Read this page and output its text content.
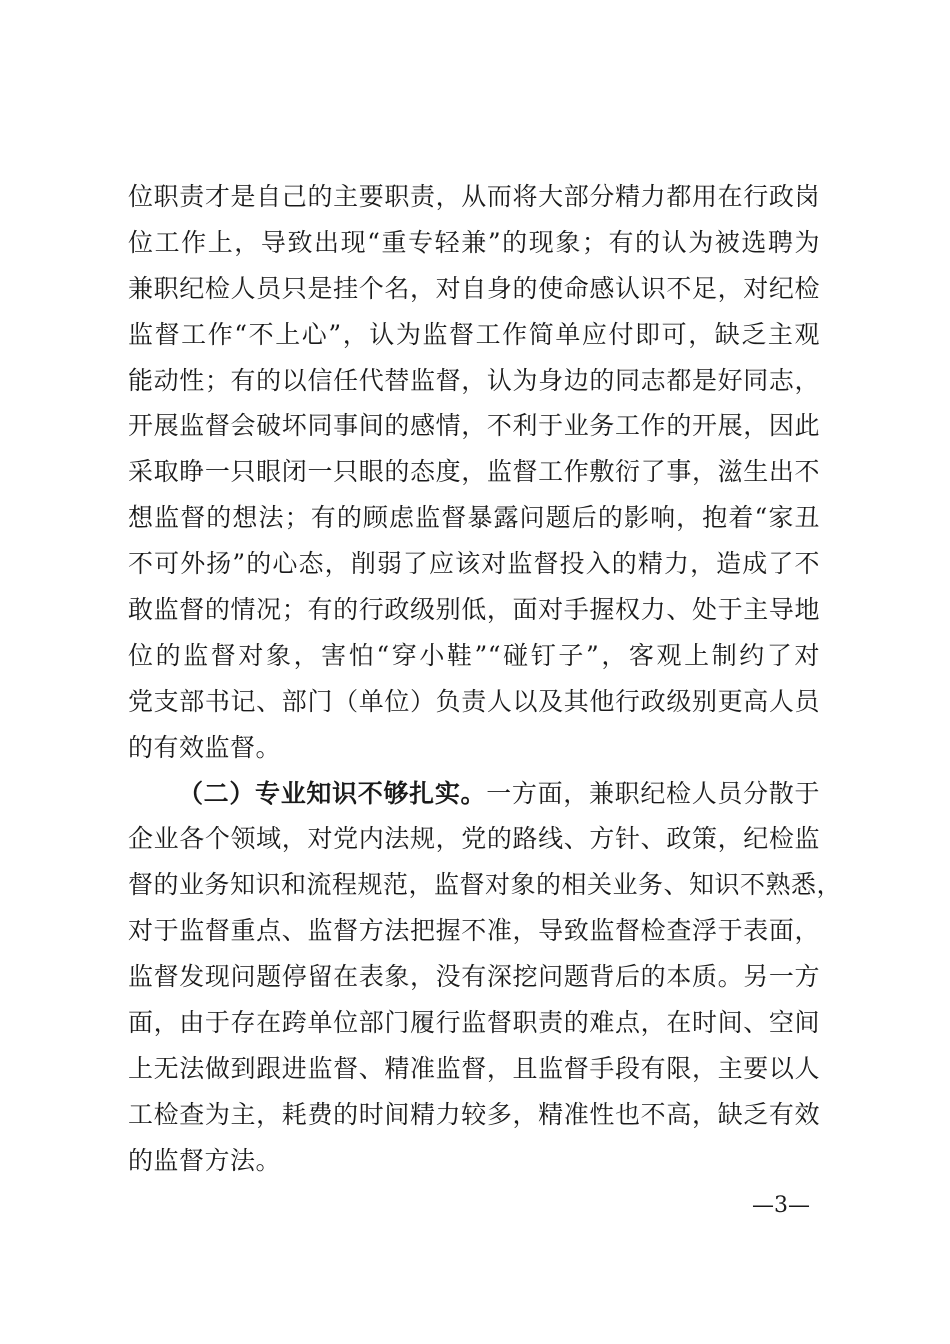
位职责才是自己的主要职责，从而将大部分精力都用在行政岗
位工作上，导致出现“重专轻兼”的现象；有的认为被选聘为
兼职纪检人员只是挂个名，对自身的使命感认识不足，对纪检
监督工作“不上心”，认为监督工作简单应付即可，缺乏主观
能动性；有的以信任代替监督，认为身边的同志都是好同志，
开展监督会破坏同事间的感情，不利于业务工作的开展，因此
采取睁一只眼闭一只眼的态度，监督工作敷衍了事，滋生出不
想监督的想法；有的顾虑监督暴露问题后的影响，抱着“家丑
不可外扬”的心态，削弱了应该对监督投入的精力，造成了不
敢监督的情况；有的行政级别低，面对手握权力、处于主导地
位的监督对象，害怕“穿小鞋”“碰钉子”，客观上制约了对
党支部书记、部门（单位）负责人以及其他行政级别更高人员
的有效监督。
（二）专业知识不够扎实。一方面，兼职纪检人员分散于
企业各个领域，对党内法规，党的路线、方针、政策，纪检监
督的业务知识和流程规范，监督对象的相关业务、知识不熟悉，
对于监督重点、监督方法把握不准，导致监督检查浮于表面，
监督发现问题停留在表象，没有深挖问题背后的本质。另一方
面，由于存在跨单位部门履行监督职责的难点，在时间、空间
上无法做到跟进监督、精准监督，且监督手段有限，主要以人
工检查为主，耗费的时间精力较多，精准性也不高，缺乏有效
的监督方法。
—3—
